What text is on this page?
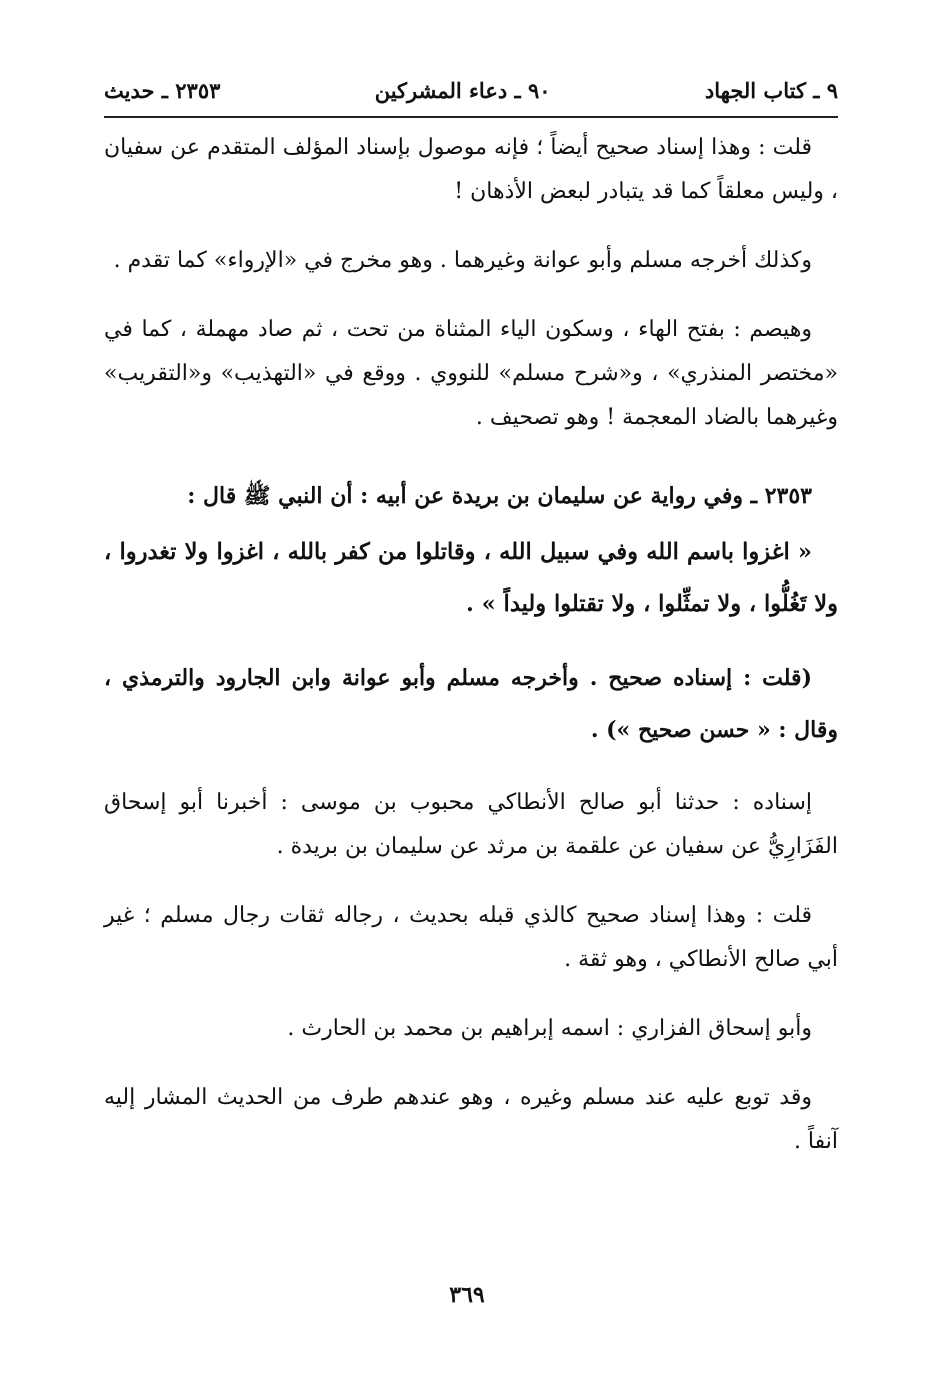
٩ ـ كتاب الجهاد
٩٠ ـ دعاء المشركين
٢٣٥٣ ـ حديث

قلت : وهذا إسناد صحيح أيضاً ؛ فإنه موصول بإسناد المؤلف المتقدم عن سفيان ، وليس معلقاً كما قد يتبادر لبعض الأذهان !

وكذلك أخرجه مسلم وأبو عوانة وغيرهما . وهو مخرج في «الإرواء» كما تقدم .

وهيصم : بفتح الهاء ، وسكون الياء المثناة من تحت ، ثم صاد مهملة ، كما في «مختصر المنذري» ، و«شرح مسلم» للنووي . ووقع في «التهذيب» و«التقريب» وغيرهما بالضاد المعجمة ! وهو تصحيف .

٢٣٥٣ ـ وفي رواية عن سليمان بن بريدة عن أبيه : أن النبي ﷺ قال :

« اغزوا باسم الله وفي سبيل الله ، وقاتلوا من كفر بالله ، اغزوا ولا تغدروا ، ولا تَغُلُّوا ، ولا تمثِّلوا ، ولا تقتلوا وليداً » .

(قلت : إسناده صحيح . وأخرجه مسلم وأبو عوانة وابن الجارود والترمذي ، وقال : « حسن صحيح ») .

إسناده : حدثنا أبو صالح الأنطاكي محبوب بن موسى : أخبرنا أبو إسحاق الفَزَارِيُّ عن سفيان عن علقمة بن مرثد عن سليمان بن بريدة .

قلت : وهذا إسناد صحيح كالذي قبله بحديث ، رجاله ثقات رجال مسلم ؛ غير أبي صالح الأنطاكي ، وهو ثقة .

وأبو إسحاق الفزاري : اسمه إبراهيم بن محمد بن الحارث .

وقد توبع عليه عند مسلم وغيره ، وهو عندهم طرف من الحديث المشار إليه آنفاً .

٣٦٩
